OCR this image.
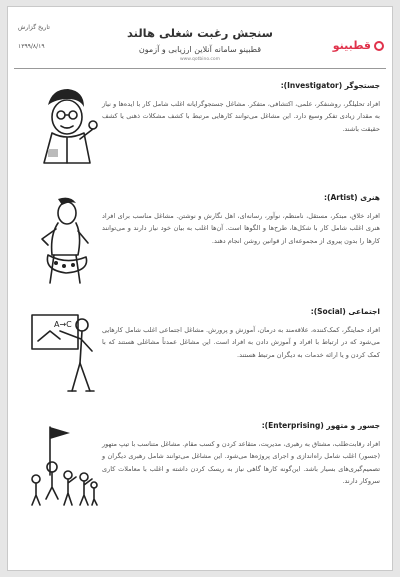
قطبینو
سنجش رغبت شغلی هالند
قطبینو سامانه آنلاین ارزیابی و آزمون
www.qotbino.com
تاریخ گزارش
۱۳۹۹/۸/۱۹
جستجوگر (Investigator):
افراد تحلیلگر، روشنفکر، علمی، اکتشافی، متفکر. مشاغل جستجوگرایانه اغلب شامل کار با ایده‌ها و نیاز به مقدار زیادی تفکر وسیع دارد. این مشاغل می‌توانند کارهایی مرتبط با کشف مشکلات ذهنی یا کشف حقیقت باشند.
هنری (Artist):
افراد خلاق، مبتکر، مستقل، نامنظم، نوآور، رسانه‌ای، اهل نگارش و نوشتن. مشاغل مناسب برای افراد هنری اغلب شامل کار با شکل‌ها، طرح‌ها و الگوها است. آن‌ها اغلب به بیان خود نیاز دارند و می‌توانند کارها را بدون پیروی از مجموعه‌ای از قوانین روشن انجام دهند.
A→C
اجتماعی (Social):
افراد حمایتگر، کمک‌کننده، علاقه‌مند به درمان، آموزش و پرورش. مشاغل اجتماعی اغلب شامل کارهایی می‌شود که در ارتباط با افراد و آموزش دادن به افراد است. این مشاغل عمدتاً مشاغلی هستند که با کمک کردن و یا ارائه خدمات به دیگران مرتبط هستند.
جسور و متهور (Enterprising):
افراد رقابت‌طلب، مشتاق به رهبری، مدیریت، متقاعد کردن و کسب مقام. مشاغل متناسب با تیپ متهور (جسور) اغلب شامل راه‌اندازی و اجرای پروژه‌ها می‌شود. این مشاغل می‌توانند شامل رهبری دیگران و تصمیم‌گیری‌های بسیار باشد. این‌گونه کارها گاهی نیاز به ریسک کردن داشته و اغلب با معاملات کاری سروکار دارند.
